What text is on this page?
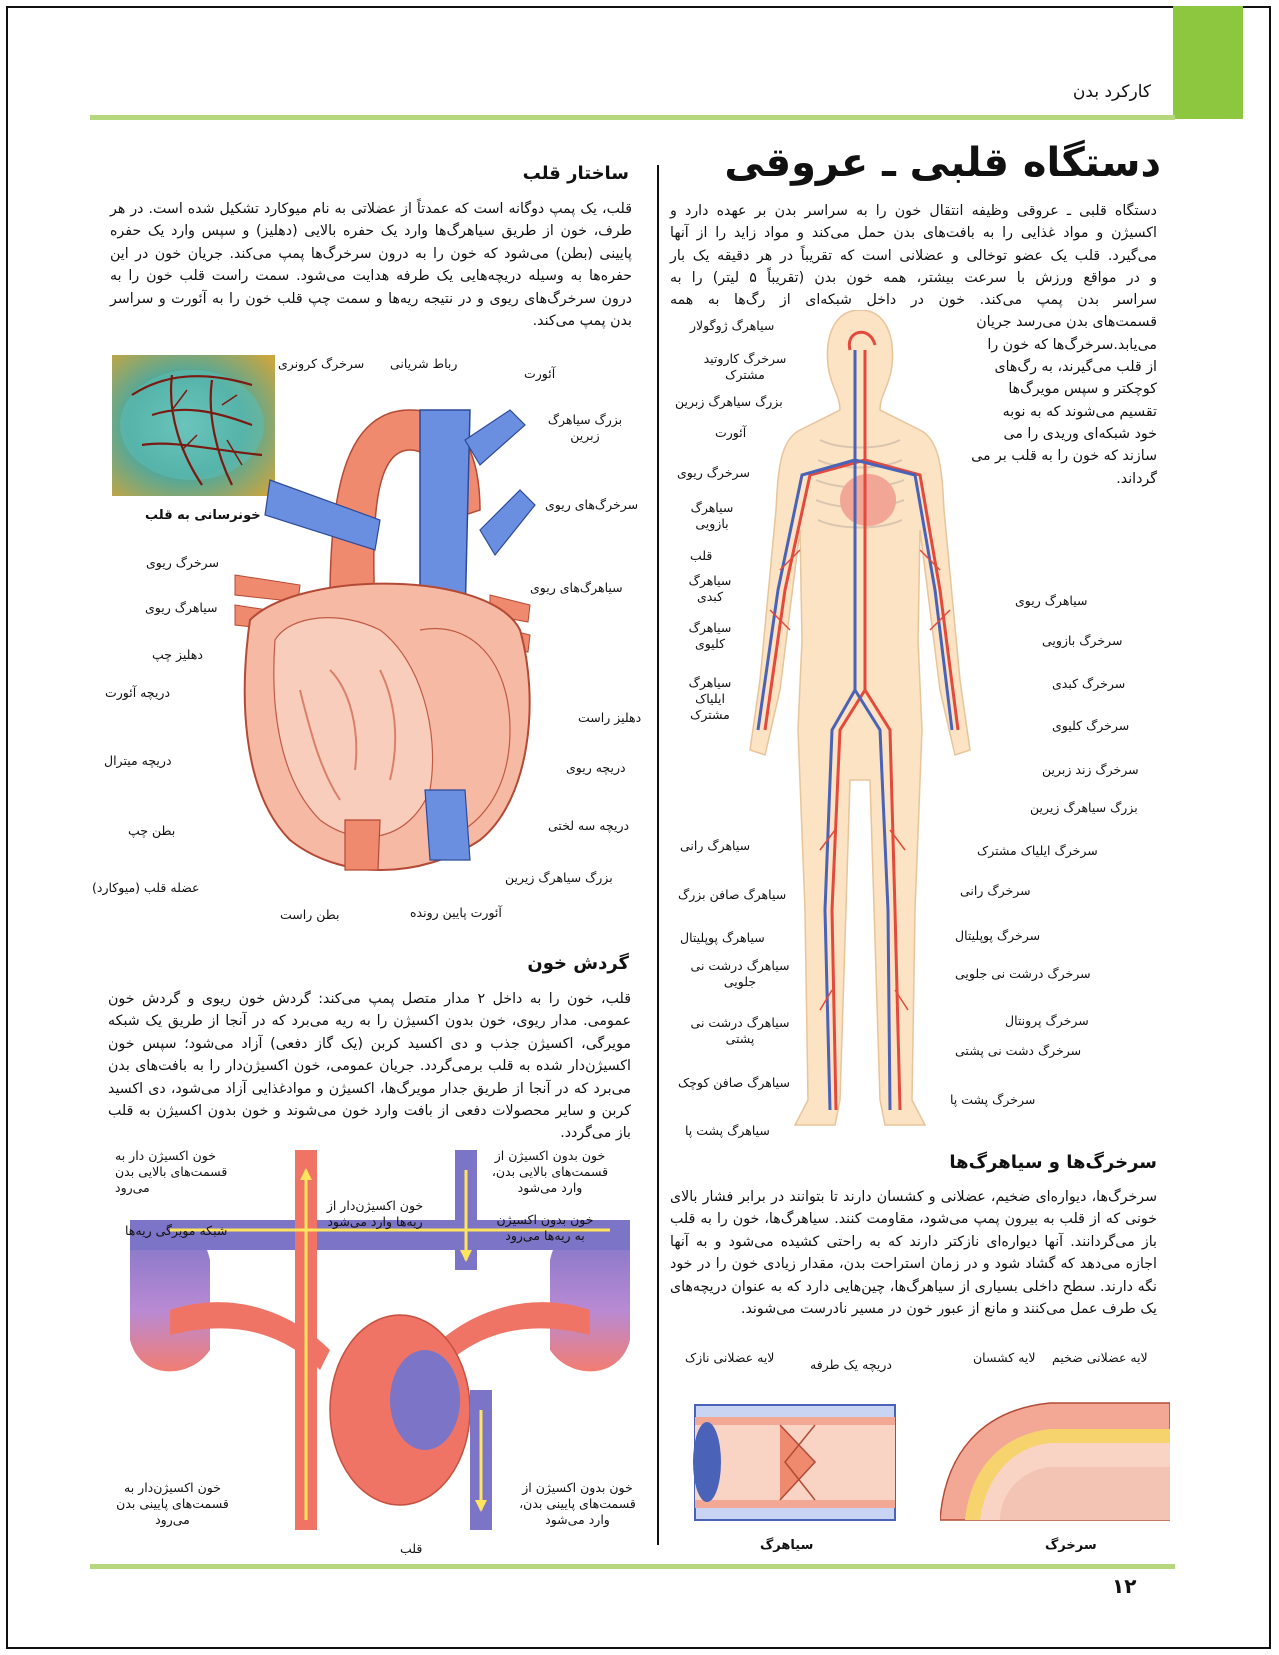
کارکرد بدن
۱۲
دستگاه قلبی ـ عروقی
دستگاه قلبی ـ عروقی وظیفه انتقال خون را به سراسر بدن بر عهده دارد و
اکسیژن و مواد غذایی را به بافت‌های بدن حمل می‌کند و مواد زاید را از آنها
می‌گیرد. قلب یک عضو توخالی و عضلانی است که تقریباً در هر دقیقه یک بار
و در مواقع ورزش با سرعت بیشتر، همه خون بدن (تقریباً ۵ لیتر) را به
سراسر بدن پمپ می‌کند. خون در داخل شبکه‌ای از رگ‌ها به همه
قسمت‌های بدن می‌رسد جریان
می‌یابد.سرخرگ‌ها که خون را
از قلب می‌گیرند، به رگ‌های
کوچکتر و سپس مویرگ‌ها
تقسیم می‌شوند که به نوبه
خود شبکه‌ای وریدی را می
سازند که خون را به قلب بر می
گرداند.
ساختار قلب
قلب، یک پمپ دوگانه است که عمدتاً از عضلاتی به نام میوکارد تشکیل شده است. در هر طرف، خون از طریق سیاهرگ‌ها وارد یک حفره بالایی (دهلیز) و سپس وارد یک حفره پایینی (بطن) می‌شود که خون را به درون سرخرگ‌ها پمپ می‌کند. جریان خون در این حفره‌ها به وسیله دریچه‌هایی یک طرفه هدایت می‌شود. سمت راست قلب خون را به درون سرخرگ‌های ریوی و در نتیجه ریه‌ها و سمت چپ قلب خون را به آئورت و سراسر بدن پمپ می‌کند.
خونرسانی به قلب
سرخرگ کرونری رباط شریانی
آئورت
بزرگ سیاهرگ زبرین
سرخرگ‌های ریوی
سیاهرگ‌های ریوی
دهلیز راست
دریچه ریوی
دریچه سه لختی
بزرگ سیاهرگ زیرین
آئورت پایین رونده
بطن راست
عضله قلب (میوکارد)
بطن چپ
دریچه میترال
دریچه آئورت
دهلیز چپ
سیاهرگ ریوی
سرخرگ ریوی
گردش خون
قلب، خون را به داخل ۲ مدار متصل پمپ می‌کند: گردش خون ریوی و گردش خون عمومی. مدار ریوی، خون بدون اکسیژن را به ریه می‌برد که در آنجا از طریق یک شبکه مویرگی، اکسیژن جذب و دی اکسید کربن (یک گاز دفعی) آزاد می‌شود؛ سپس خون اکسیژن‌دار شده به قلب برمی‌گردد. جریان عمومی، خون اکسیژن‌دار را به بافت‌های بدن می‌برد که در آنجا از طریق جدار مویرگ‌ها، اکسیژن و موادغذایی آزاد می‌شود، دی اکسید کربن و سایر محصولات دفعی از بافت وارد خون می‌شوند و خون بدون اکسیژن به قلب باز می‌گردد.
خون اکسیژن دار به قسمت‌های بالایی بدن می‌رود
خون بدون اکسیژن از قسمت‌های بالایی بدن، وارد می‌شود
خون اکسیژن‌دار از ریه‌ها وارد می‌شود	خون بدون اکسیژن به ریه‌ها می‌رود
شبکه مویرگی ریه‌ها
خون اکسیژن‌دار به قسمت‌های پایینی بدن می‌رود
خون بدون اکسیژن از قسمت‌های پایینی بدن، وارد می‌شود
قلب
سیاهرگ ژوگولار
سرخرگ کاروتید مشترک
بزرگ سیاهرگ زبرین
آئورت
سرخرگ ریوی
سیاهرگ بازویی
قلب
سیاهرگ کبدی
سیاهرگ کلیوی
سیاهرگ ایلیاک مشترک
سیاهرگ رانی
سیاهرگ صافن بزرگ
سیاهرگ پوپلیتال
سیاهرگ درشت نی جلویی
سیاهرگ درشت نی پشتی
سیاهرگ صافن کوچک
سیاهرگ پشت پا
سیاهرگ ریوی
سرخرگ بازویی
سرخرگ کبدی
سرخرگ کلیوی
سرخرگ زند زبرین
بزرگ سیاهرگ زیرین
سرخرگ ایلیاک مشترک
سرخرگ رانی
سرخرگ پوپلیتال
سرخرگ درشت نی جلویی
سرخرگ پرونتال
سرخرگ دشت نی پشتی
سرخرگ پشت پا
سرخرگ‌ها و سیاهرگ‌ها
سرخرگ‌ها، دیواره‌ای ضخیم، عضلانی و کشسان دارند تا بتوانند در برابر فشار بالای خونی که از قلب به بیرون پمپ می‌شود، مقاومت کنند. سیاهرگ‌ها، خون را به قلب باز می‌گردانند. آنها دیواره‌ای نازکتر دارند که به راحتی کشیده می‌شود و به آنها اجازه می‌دهد که گشاد شود و در زمان استراحت بدن، مقدار زیادی خون را در خود نگه دارند. سطح داخلی بسیاری از سیاهرگ‌ها، چین‌هایی دارد که به عنوان دریچه‌های یک طرف عمل می‌کنند و مانع از عبور خون در مسیر نادرست می‌شوند.
لایه عضلانی نازک	دریچه یک طرفه
سیاهرگ
لایه عضلانی ضخیم
لایه کشسان
سرخرگ
